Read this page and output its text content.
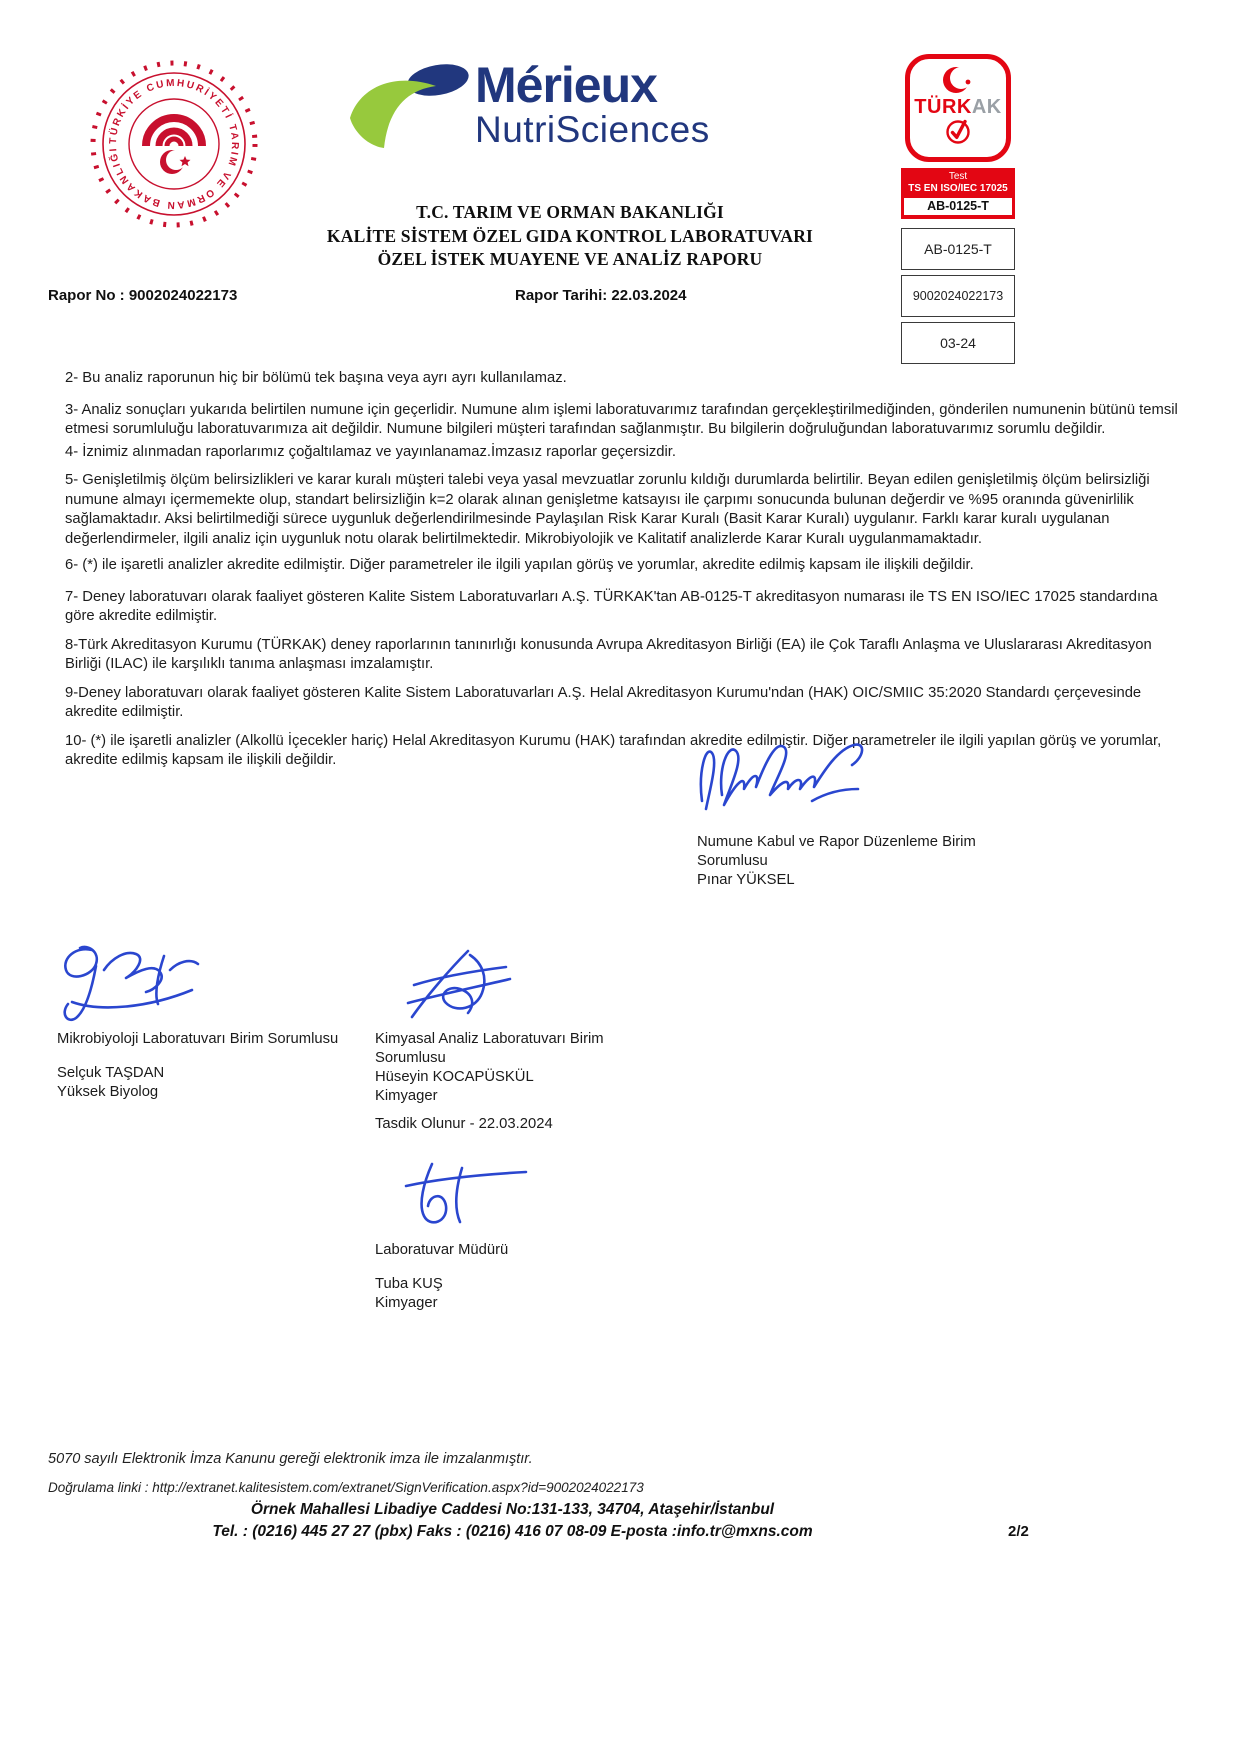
TÜRKİYE CUMHURİYETİ TARIM VE ORMAN BAKANLIĞI
Mérieux
NutriSciences
TÜRKAK
Test
TS EN ISO/IEC 17025
AB-0125-T
AB-0125-T
9002024022173
03-24
T.C. TARIM VE ORMAN BAKANLIĞI
KALİTE SİSTEM ÖZEL GIDA KONTROL LABORATUVARI
ÖZEL İSTEK MUAYENE VE ANALİZ RAPORU
Rapor No : 9002024022173	Rapor Tarihi: 22.03.2024

2- Bu analiz raporunun hiç bir bölümü tek başına veya ayrı ayrı kullanılamaz.

3- Analiz sonuçları yukarıda belirtilen numune için geçerlidir. Numune alım işlemi laboratuvarımız tarafından gerçekleştirilmediğinden, gönderilen numunenin bütünü temsil etmesi sorumluluğu laboratuvarımıza ait değildir. Numune bilgileri müşteri tarafından sağlanmıştır. Bu bilgilerin doğruluğundan laboratuvarımız sorumlu değildir.

4- İznimiz alınmadan raporlarımız çoğaltılamaz ve yayınlanamaz.İmzasız raporlar geçersizdir.

5- Genişletilmiş ölçüm belirsizlikleri ve karar kuralı müşteri talebi veya yasal mevzuatlar zorunlu kıldığı durumlarda belirtilir. Beyan edilen genişletilmiş ölçüm belirsizliği numune almayı içermemekte olup, standart belirsizliğin k=2 olarak alınan genişletme katsayısı ile çarpımı sonucunda bulunan değerdir ve %95 oranında güvenirlilik sağlamaktadır. Aksi belirtilmediği sürece uygunluk değerlendirilmesinde Paylaşılan Risk Karar Kuralı (Basit Karar Kuralı) uygulanır. Farklı karar kuralı uygulanan değerlendirmeler, ilgili analiz için uygunluk notu olarak belirtilmektedir. Mikrobiyolojik ve Kalitatif analizlerde Karar Kuralı uygulanmamaktadır.

6- (*) ile işaretli analizler akredite edilmiştir. Diğer parametreler ile ilgili yapılan görüş ve yorumlar, akredite edilmiş kapsam ile ilişkili değildir.

7- Deney laboratuvarı olarak faaliyet gösteren Kalite Sistem Laboratuvarları A.Ş. TÜRKAK'tan AB-0125-T akreditasyon numarası ile TS EN ISO/IEC 17025 standardına göre akredite edilmiştir.

8-Türk Akreditasyon Kurumu (TÜRKAK) deney raporlarının tanınırlığı konusunda Avrupa Akreditasyon Birliği (EA) ile Çok Taraflı Anlaşma ve Uluslararası Akreditasyon Birliği (ILAC) ile karşılıklı tanıma anlaşması imzalamıştır.

9-Deney laboratuvarı olarak faaliyet gösteren Kalite Sistem Laboratuvarları A.Ş. Helal Akreditasyon Kurumu'ndan (HAK) OIC/SMIIC 35:2020 Standardı çerçevesinde akredite edilmiştir.

10- (*) ile işaretli analizler (Alkollü İçecekler hariç) Helal Akreditasyon Kurumu (HAK) tarafından akredite edilmiştir. Diğer parametreler ile ilgili yapılan görüş ve yorumlar, akredite edilmiş kapsam ile ilişkili değildir.

Numune Kabul ve Rapor Düzenleme Birim Sorumlusu
Pınar YÜKSEL
Mikrobiyoloji Laboratuvarı Birim Sorumlusu
Selçuk TAŞDAN
Yüksek Biyolog
Kimyasal Analiz Laboratuvarı Birim Sorumlusu
Hüseyin KOCAPÜSKÜL
Kimyager
Tasdik Olunur - 22.03.2024
Laboratuvar Müdürü
Tuba KUŞ
Kimyager
5070 sayılı Elektronik İmza Kanunu gereği elektronik imza ile imzalanmıştır.
Doğrulama linki : http://extranet.kalitesistem.com/extranet/SignVerification.aspx?id=9002024022173
Örnek Mahallesi Libadiye Caddesi No:131-133, 34704, Ataşehir/İstanbul
Tel. : (0216) 445 27 27 (pbx) Faks : (0216) 416 07 08-09 E-posta :info.tr@mxns.com	2/2
